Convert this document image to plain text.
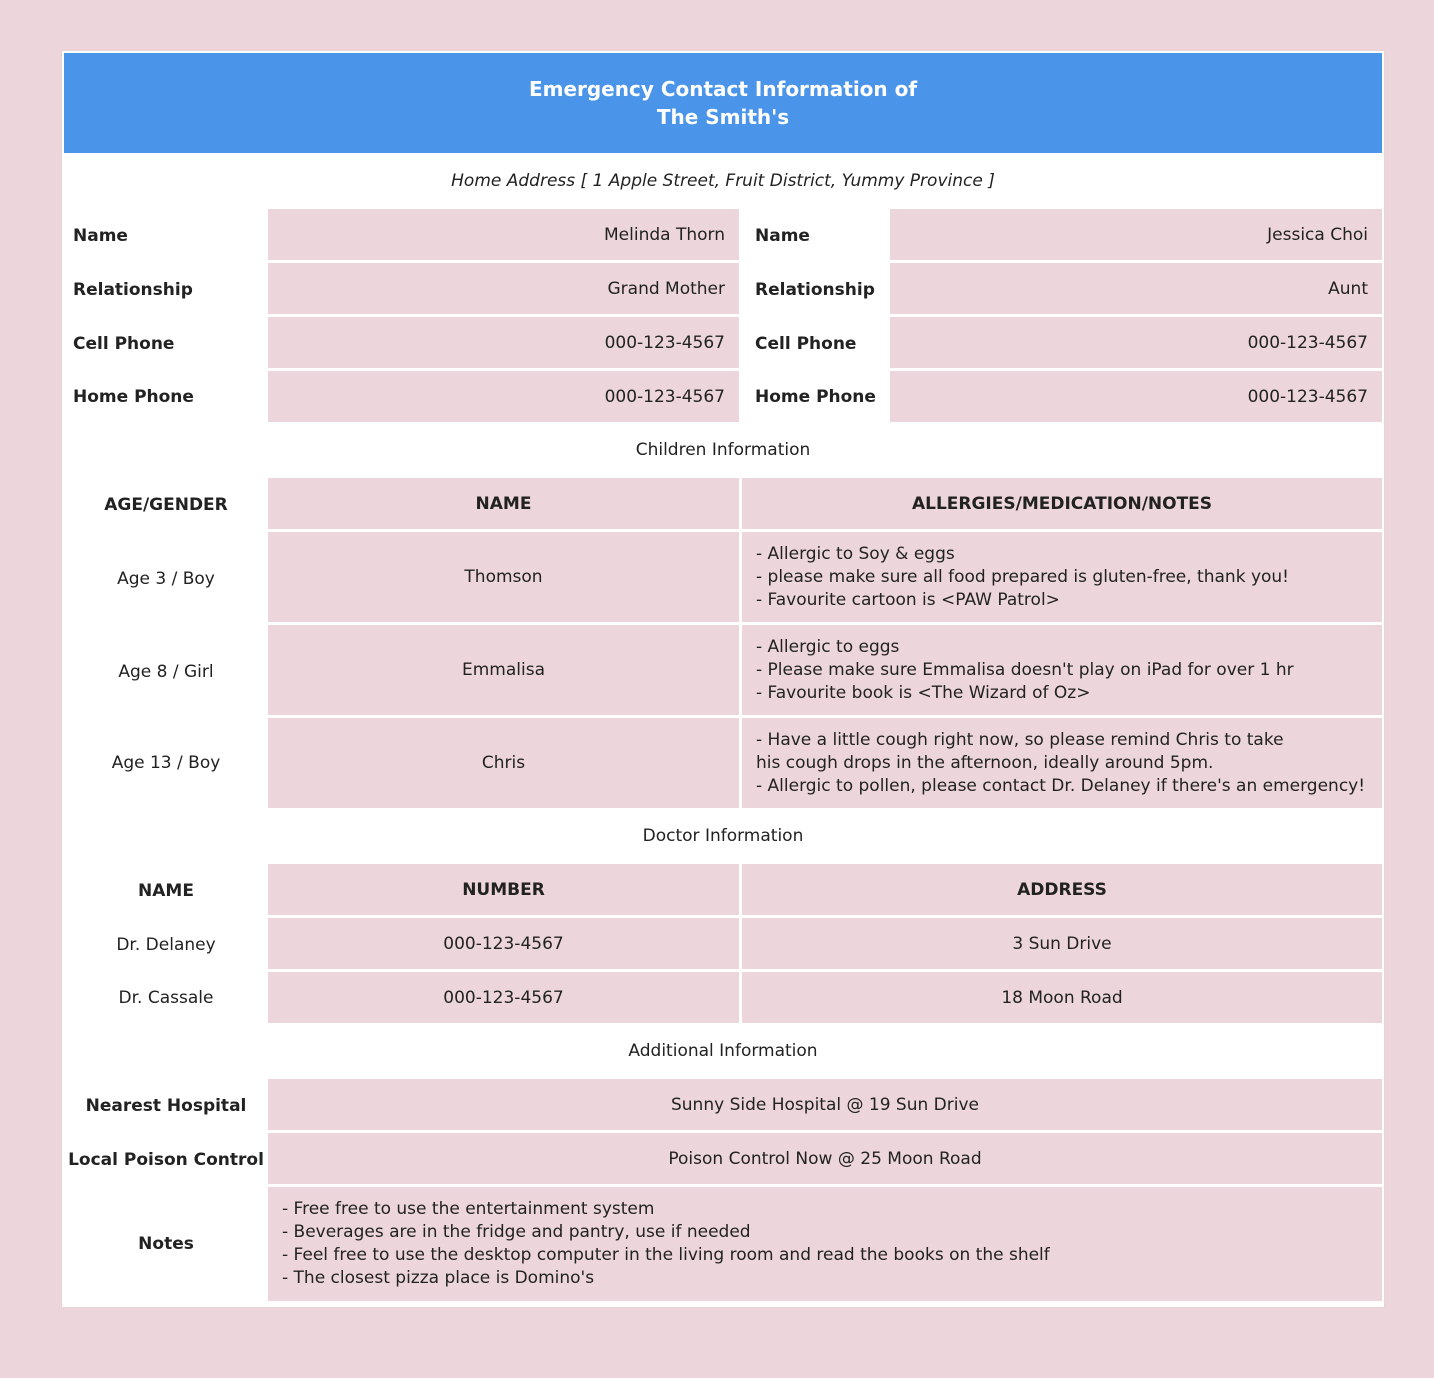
Emergency Contact Information of
The Smith's
Home Address [ 1 Apple Street, Fruit District, Yummy Province ]
Name	Melinda Thorn	Name	Jessica Choi
Relationship	Grand Mother	Relationship	Aunt
Cell Phone	000-123-4567	Cell Phone	000-123-4567
Home Phone	000-123-4567	Home Phone	000-123-4567
Children Information
AGE/GENDER	NAME	ALLERGIES/MEDICATION/NOTES
Age 3 / Boy	Thomson
- Allergic to Soy & eggs
- please make sure all food prepared is gluten-free, thank you!
- Favourite cartoon is <PAW Patrol>
Age 8 / Girl	Emmalisa
- Allergic to eggs
- Please make sure Emmalisa doesn't play on iPad for over 1 hr
- Favourite book is <The Wizard of Oz>
Age 13 / Boy	Chris
- Have a little cough right now, so please remind Chris to take
his cough drops in the afternoon, ideally around 5pm.
- Allergic to pollen, please contact Dr. Delaney if there's an emergency!
Doctor Information
NAME	NUMBER	ADDRESS
Dr. Delaney	000-123-4567	3 Sun Drive
Dr. Cassale	000-123-4567	18 Moon Road
Additional Information
Nearest Hospital	Sunny Side Hospital @ 19 Sun Drive
Local Poison Control	Poison Control Now @ 25 Moon Road
Notes
- Free free to use the entertainment system
- Beverages are in the fridge and pantry, use if needed
- Feel free to use the desktop computer in the living room and read the books on the shelf
- The closest pizza place is Domino's
